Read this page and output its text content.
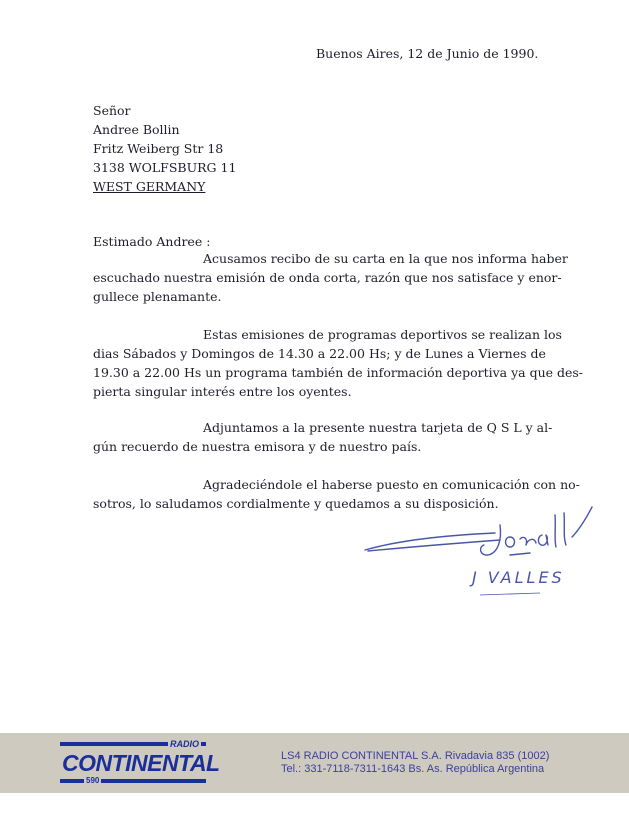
Buenos Aires, 12 de Junio de 1990.
Señor
Andree Bollin
Fritz Weiberg Str 18
3138 WOLFSBURG 11
WEST GERMANY
Estimado Andree :
Acusamos recibo de su carta en la que nos informa haber
escuchado nuestra emisión de onda corta, razón que nos satisface y enor-
gullece plenamante.
Estas emisiones de programas deportivos se realizan los
dias Sábados y Domingos de 14.30 a 22.00 Hs; y de Lunes a Viernes de
19.30 a 22.00 Hs un programa también de información deportiva ya que des-
pierta singular interés entre los oyentes.
Adjuntamos a la presente nuestra tarjeta de Q S L y al-
gún recuerdo de nuestra emisora y de nuestro país.
Agradeciéndole el haberse puesto en comunicación con no-
sotros, lo saludamos cordialmente y quedamos a su disposición.
J VALLES
RADIO
CONTINENTAL
590
LS4 RADIO CONTINENTAL S.A. Rivadavia 835 (1002)
Tel.: 331-7118-7311-1643 Bs. As. República Argentina
